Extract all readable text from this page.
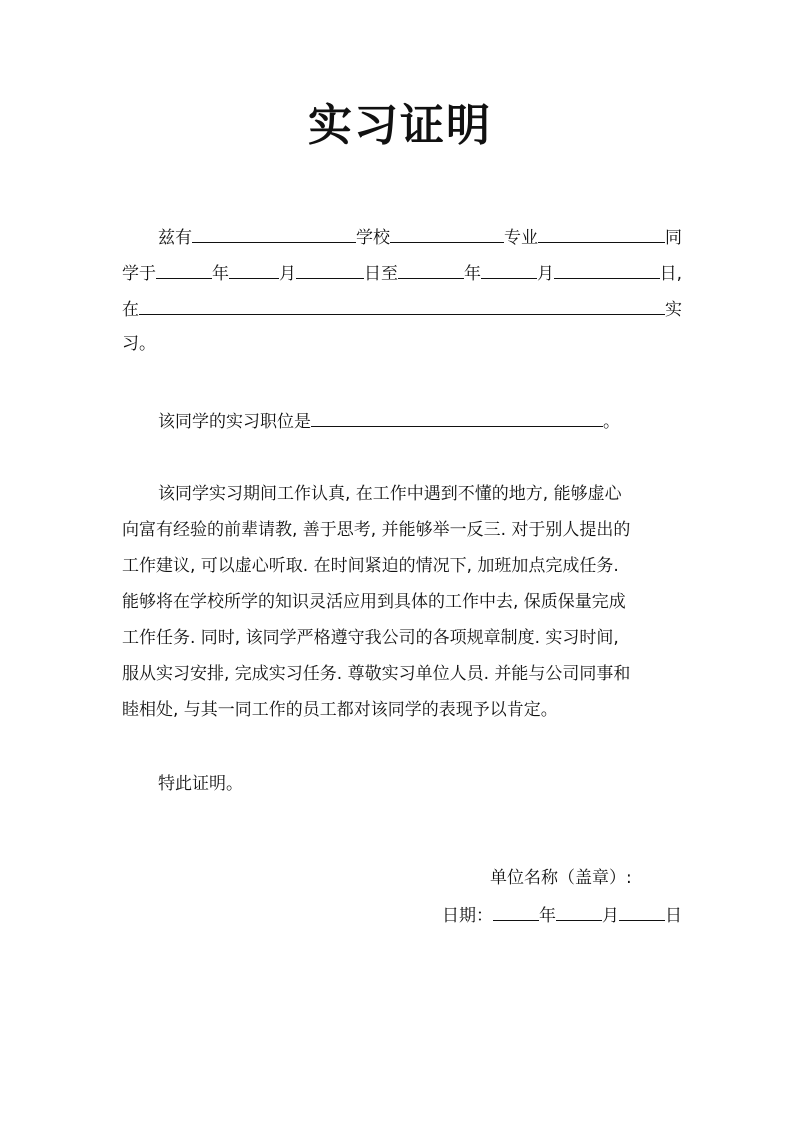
实习证明
兹有	学校	专业	同
学于	年	月	日至	年	月	日,
在	实
习。
该同学的实习职位是	。
该同学实习期间工作认真, 在工作中遇到不懂的地方, 能够虚心
向富有经验的前辈请教, 善于思考, 并能够举一反三. 对于别人提出的
工作建议, 可以虚心听取. 在时间紧迫的情况下, 加班加点完成任务.
能够将在学校所学的知识灵活应用到具体的工作中去, 保质保量完成
工作任务. 同时, 该同学严格遵守我公司的各项规章制度. 实习时间,
服从实习安排, 完成实习任务. 尊敬实习单位人员. 并能与公司同事和
睦相处, 与其一同工作的员工都对该同学的表现予以肯定。
特此证明。
单位名称（盖章）:
日期：	年	月	日
